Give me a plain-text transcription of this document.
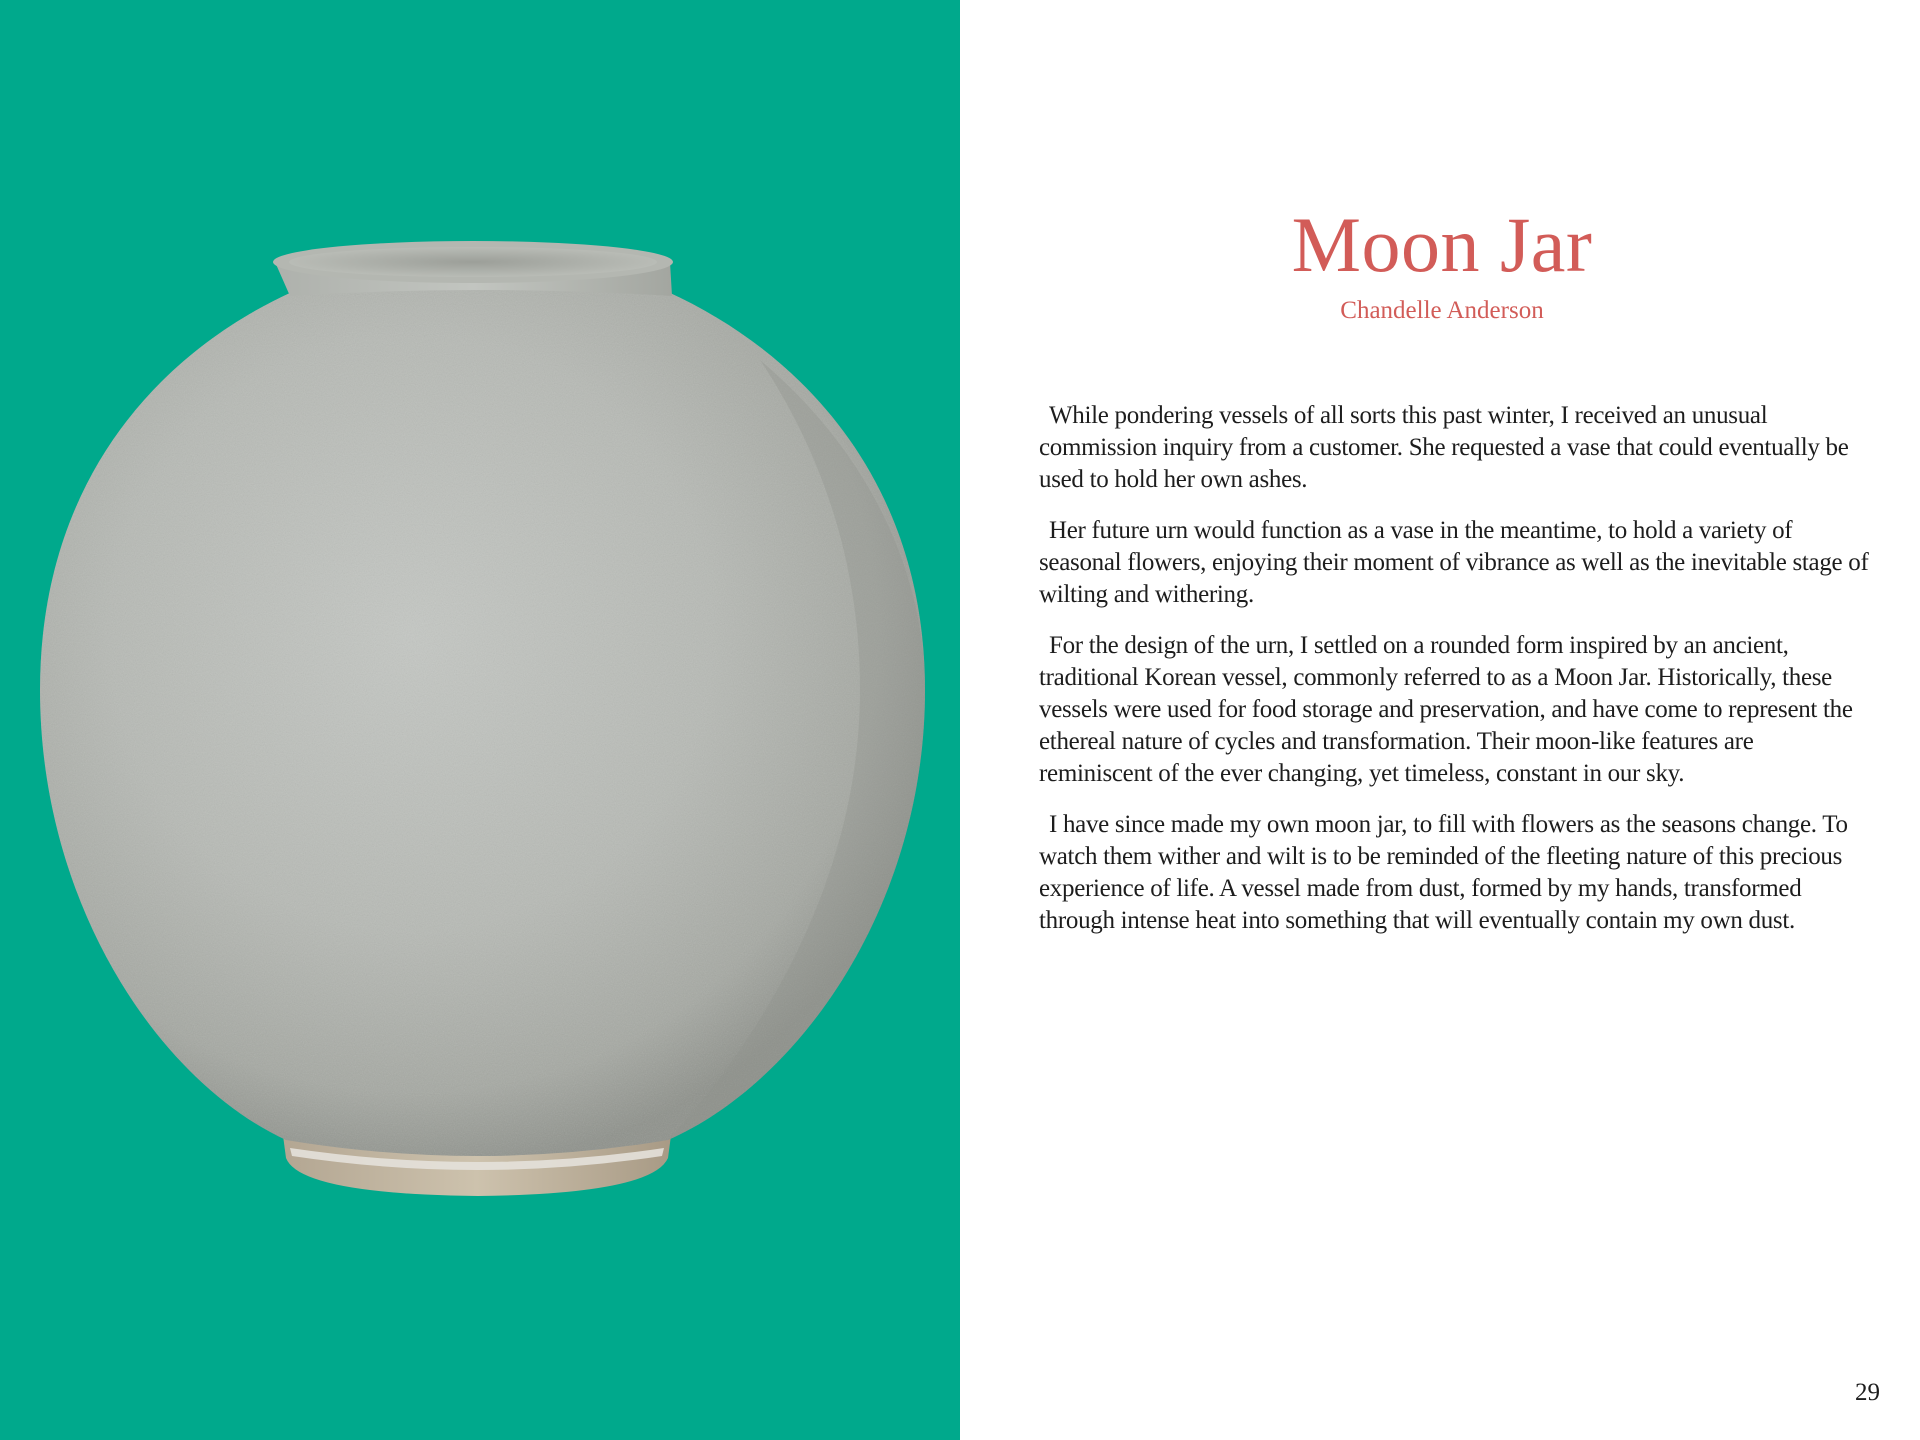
Moon Jar
Chandelle Anderson

While pondering vessels of all sorts this past winter, I received an unusual commission inquiry from a customer. She requested a vase that could eventually be used to hold her own ashes.

Her future urn would function as a vase in the meantime, to hold a variety of seasonal flowers, enjoying their moment of vibrance as well as the inevitable stage of wilting and withering.

For the design of the urn, I settled on a rounded form inspired by an ancient, traditional Korean vessel, commonly referred to as a Moon Jar. Historically, these vessels were used for food storage and preservation, and have come to represent the ethereal nature of cycles and transformation. Their moon-like features are reminiscent of the ever changing, yet timeless, constant in our sky.

I have since made my own moon jar, to fill with flowers as the seasons change. To watch them wither and wilt is to be reminded of the fleeting nature of this precious experience of life. A vessel made from dust, formed by my hands, transformed through intense heat into something that will eventually contain my own dust.

29
